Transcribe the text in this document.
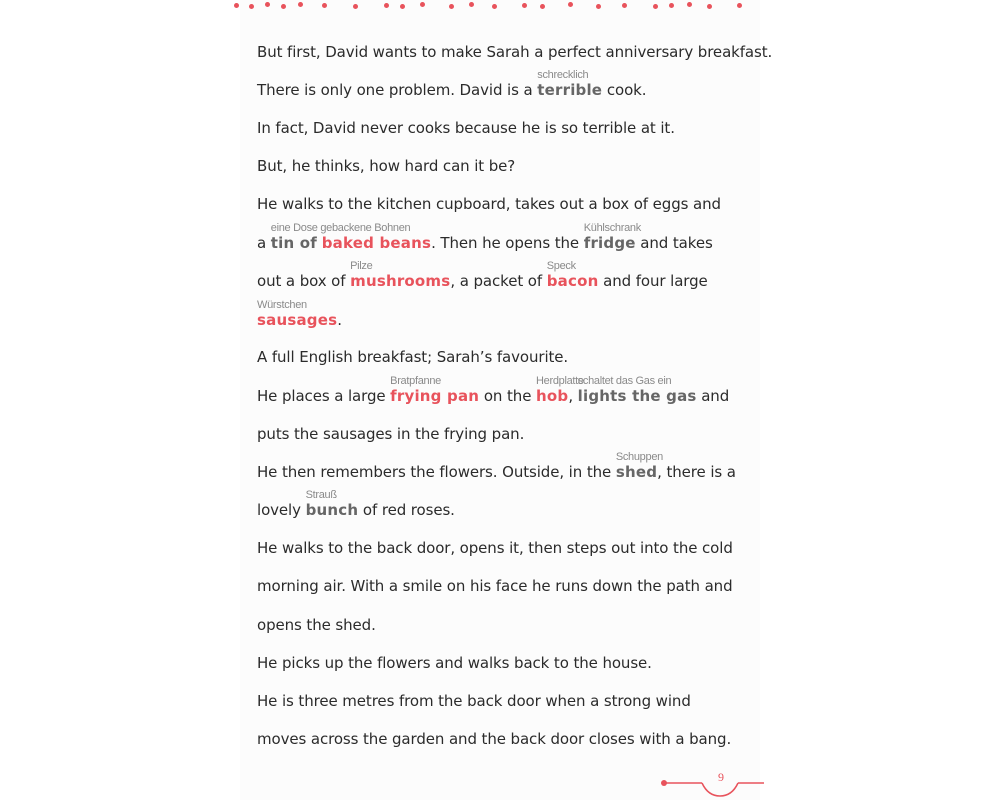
But first, David wants to make Sarah a perfect anniversary breakfast.
There is only one problem. David is a
schrecklich
terrible cook.
In fact, David never cooks because he is so terrible at it.
But, he thinks, how hard can it be?
He walks to the kitchen cupboard, takes out a box of eggs and
a
eine Dose gebackene Bohnen
tin of baked beans. Then he opens the
Kühlschrank
fridge and takes
out a box of
Pilze
mushrooms, a packet of
Speck
bacon and four large
Würstchen
sausages.
A full English breakfast; Sarah’s favourite.
He places a large
Bratpfanne
frying pan on the
Herdplatte
hob,
schaltet das Gas ein
lights the gas and
puts the sausages in the frying pan.
He then remembers the flowers. Outside, in the
Schuppen
shed, there is a
lovely
Strauß
bunch of red roses.
He walks to the back door, opens it, then steps out into the cold
morning air. With a smile on his face he runs down the path and
opens the shed.
He picks up the flowers and walks back to the house.
He is three metres from the back door when a strong wind
moves across the garden and the back door closes with a bang.
9
